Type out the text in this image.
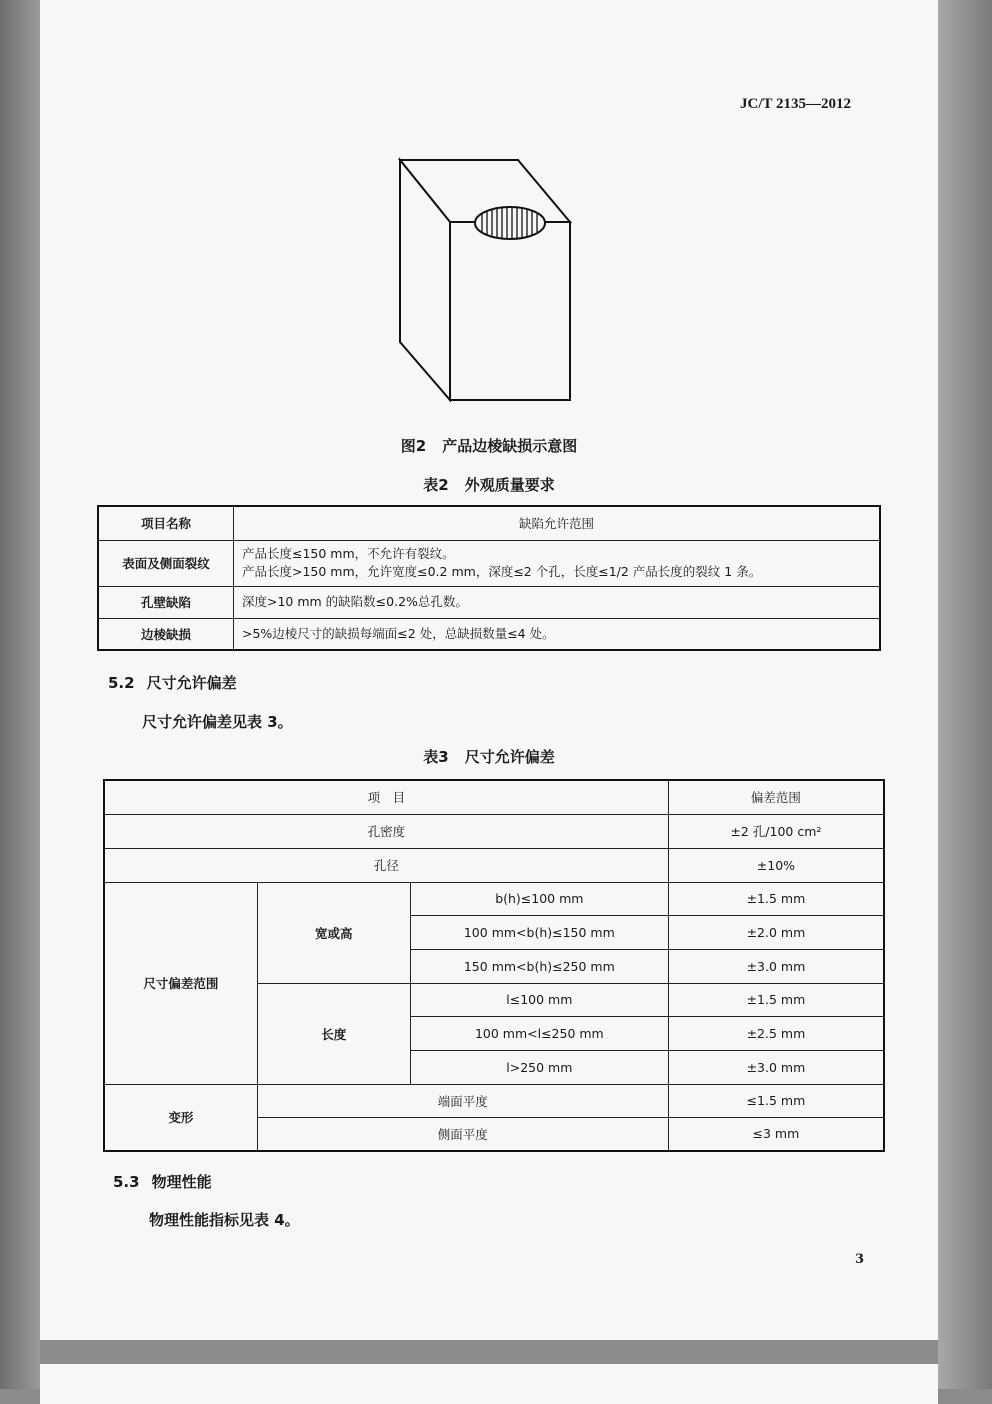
JC/T 2135—2012
图2 产品边棱缺损示意图
表2 外观质量要求
项目名称	缺陷允许范围
表面及侧面裂纹	产品长度≤150 mm，不允许有裂纹。
产品长度>150 mm，允许宽度≤0.2 mm，深度≤2 个孔，长度≤1/2 产品长度的裂纹 1 条。

孔壁缺陷	深度>10 mm 的缺陷数≤0.2%总孔数。
边棱缺损	>5%边棱尺寸的缺损每端面≤2 处，总缺损数量≤4 处。
5.2 尺寸允许偏差
尺寸允许偏差见表 3。
表3 尺寸允许偏差
项　目			偏差范围
孔密度			±2 孔/100 cm²
孔径			±10%
尺寸偏差范围	宽或高	b(h)≤100 mm	±1.5 mm
		100 mm<b(h)≤150 mm	±2.0 mm
		150 mm<b(h)≤250 mm	±3.0 mm
	长度	l≤100 mm	±1.5 mm
		100 mm<l≤250 mm	±2.5 mm
		l>250 mm	±3.0 mm
变形	端面平度		≤1.5 mm
	侧面平度		≤3 mm
5.3 物理性能
物理性能指标见表 4。
3
